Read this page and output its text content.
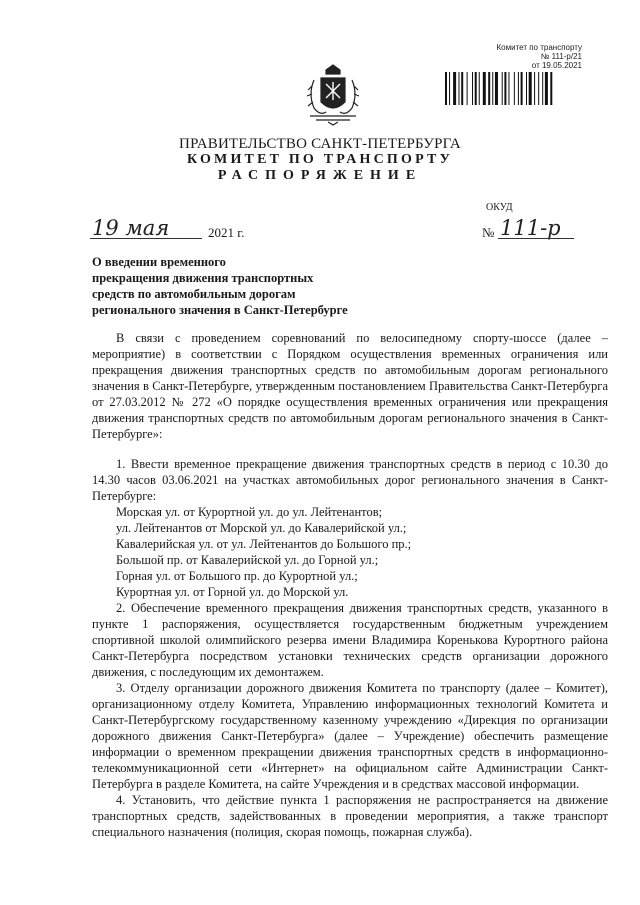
Комитет по транспорту
№ 111-р/21
от 19.05.2021
ПРАВИТЕЛЬСТВО САНКТ-ПЕТЕРБУРГА
КОМИТЕТ ПО ТРАНСПОРТУ
РАСПОРЯЖЕНИЕ
ОКУД
19 мая	2021 г.	№ 111-р
О введении временного
прекращения движения транспортных
средств по автомобильным дорогам
регионального значения в Санкт-Петербурге

В связи с проведением соревнований по велосипедному спорту-шоссе (далее – мероприятие) в соответствии с Порядком осуществления временных ограничения или прекращения движения транспортных средств по автомобильным дорогам регионального значения в Санкт-Петербурге, утвержденным постановлением Правительства Санкт-Петербурга от 27.03.2012 № 272 «О порядке осуществления временных ограничения или прекращения движения транспортных средств по автомобильным дорогам регионального значения в Санкт-Петербурге»:

1. Ввести временное прекращение движения транспортных средств в период с 10.30 до 14.30 часов 03.06.2021 на участках автомобильных дорог регионального значения в Санкт-Петербурге:

Морская ул. от Курортной ул. до ул. Лейтенантов;

ул. Лейтенантов от Морской ул. до Кавалерийской ул.;

Кавалерийская ул. от ул. Лейтенантов до Большого пр.;

Большой пр. от Кавалерийской ул. до Горной ул.;

Горная ул. от Большого пр. до Курортной ул.;

Курортная ул. от Горной ул. до Морской ул.

2. Обеспечение временного прекращения движения транспортных средств, указанного в пункте 1 распоряжения, осуществляется государственным бюджетным учреждением спортивной школой олимпийского резерва имени Владимира Коренькова Курортного района Санкт-Петербурга посредством установки технических средств организации дорожного движения, с последующим их демонтажем.

3. Отделу организации дорожного движения Комитета по транспорту (далее – Комитет), организационному отделу Комитета, Управлению информационных технологий Комитета и Санкт-Петербургскому государственному казенному учреждению «Дирекция по организации дорожного движения Санкт-Петербурга» (далее – Учреждение) обеспечить размещение информации о временном прекращении движения транспортных средств в информационно-телекоммуникационной сети «Интернет» на официальном сайте Администрации Санкт-Петербурга в разделе Комитета, на сайте Учреждения и в средствах массовой информации.

4. Установить, что действие пункта 1 распоряжения не распространяется на движение транспортных средств, задействованных в проведении мероприятия, а также транспорт специального назначения (полиция, скорая помощь, пожарная служба).
